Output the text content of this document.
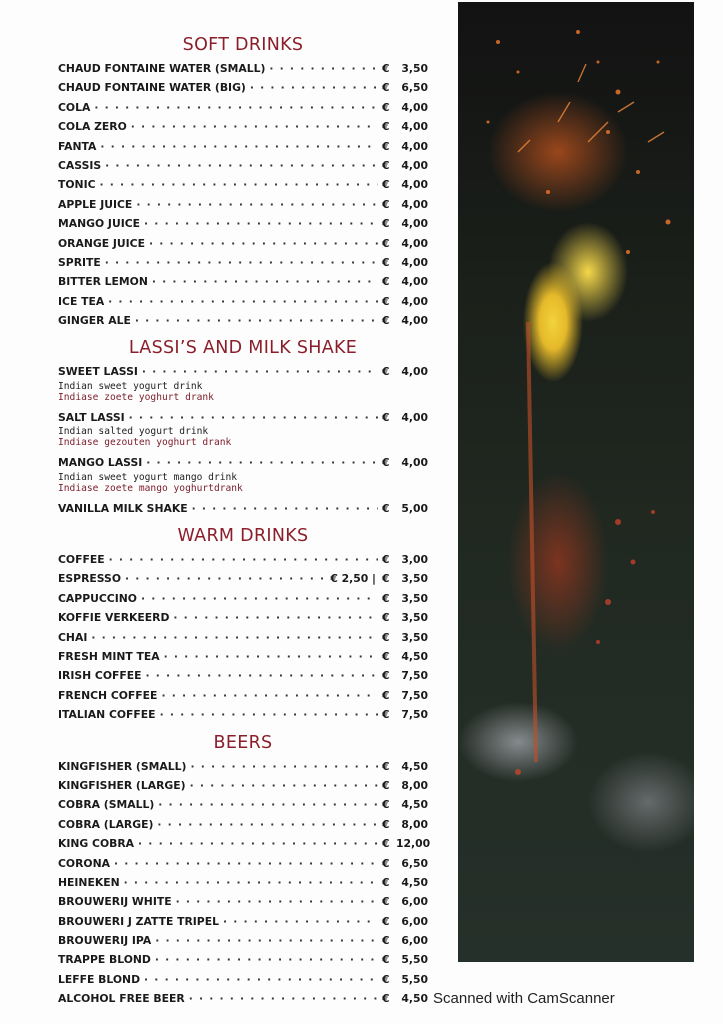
SOFT DRINKS
CHAUD FONTAINE WATER (SMALL) · · ·	€	3,50
CHAUD FONTAINE WATER (BIG) · · ·	€	6,50
COLA · · ·	€	4,00
COLA ZERO · · ·	€	4,00
FANTA · · ·	€	4,00
CASSIS · · ·	€	4,00
TONIC · · ·	€	4,00
APPLE JUICE · · ·	€	4,00
MANGO JUICE · · ·	€	4,00
ORANGE JUICE · · ·	€	4,00
SPRITE · · ·	€	4,00
BITTER LEMON · · ·	€	4,00
ICE TEA · · ·	€	4,00
GINGER ALE · · ·	€	4,00
LASSI’S AND MILK SHAKE
SWEET LASSI · · ·	€	4,00
Indian sweet yogurt drink
Indiase zoete yoghurt drank
SALT LASSI · · ·	€	4,00
Indian salted yogurt drink
Indiase gezouten yoghurt drank
MANGO LASSI · · ·	€	4,00
Indian sweet yogurt mango drink
Indiase zoete mango yoghurtdrank
VANILLA MILK SHAKE · · ·	€	5,00
WARM DRINKS
COFFEE · · ·	€	3,00
ESPRESSO · · ·	€ 2,50 | €	3,50
CAPPUCCINO · · ·	€	3,50
KOFFIE VERKEERD · · ·	€	3,50
CHAI · · ·	€	3,50
FRESH MINT TEA · · ·	€	4,50
IRISH COFFEE · · ·	€	7,50
FRENCH COFFEE · · ·	€	7,50
ITALIAN COFFEE · · ·	€	7,50
BEERS
KINGFISHER (SMALL) · · ·	€	4,50
KINGFISHER (LARGE) · · ·	€	8,00
COBRA (SMALL) · · ·	€	4,50
COBRA (LARGE) · · ·	€	8,00
KING COBRA · · ·	€ 12,00
CORONA · · ·	€	6,50
HEINEKEN · · ·	€	4,50
BROUWERIJ WHITE · · ·	€	6,00
BROUWERI J ZATTE TRIPEL · · ·	€	6,00
BROUWERIJ IPA · · ·	€	6,00
TRAPPE BLOND · · ·	€	5,50
LEFFE BLOND · · ·	€	5,50
ALCOHOL FREE BEER · · ·	€	4,50 Scanned with CamScanner
